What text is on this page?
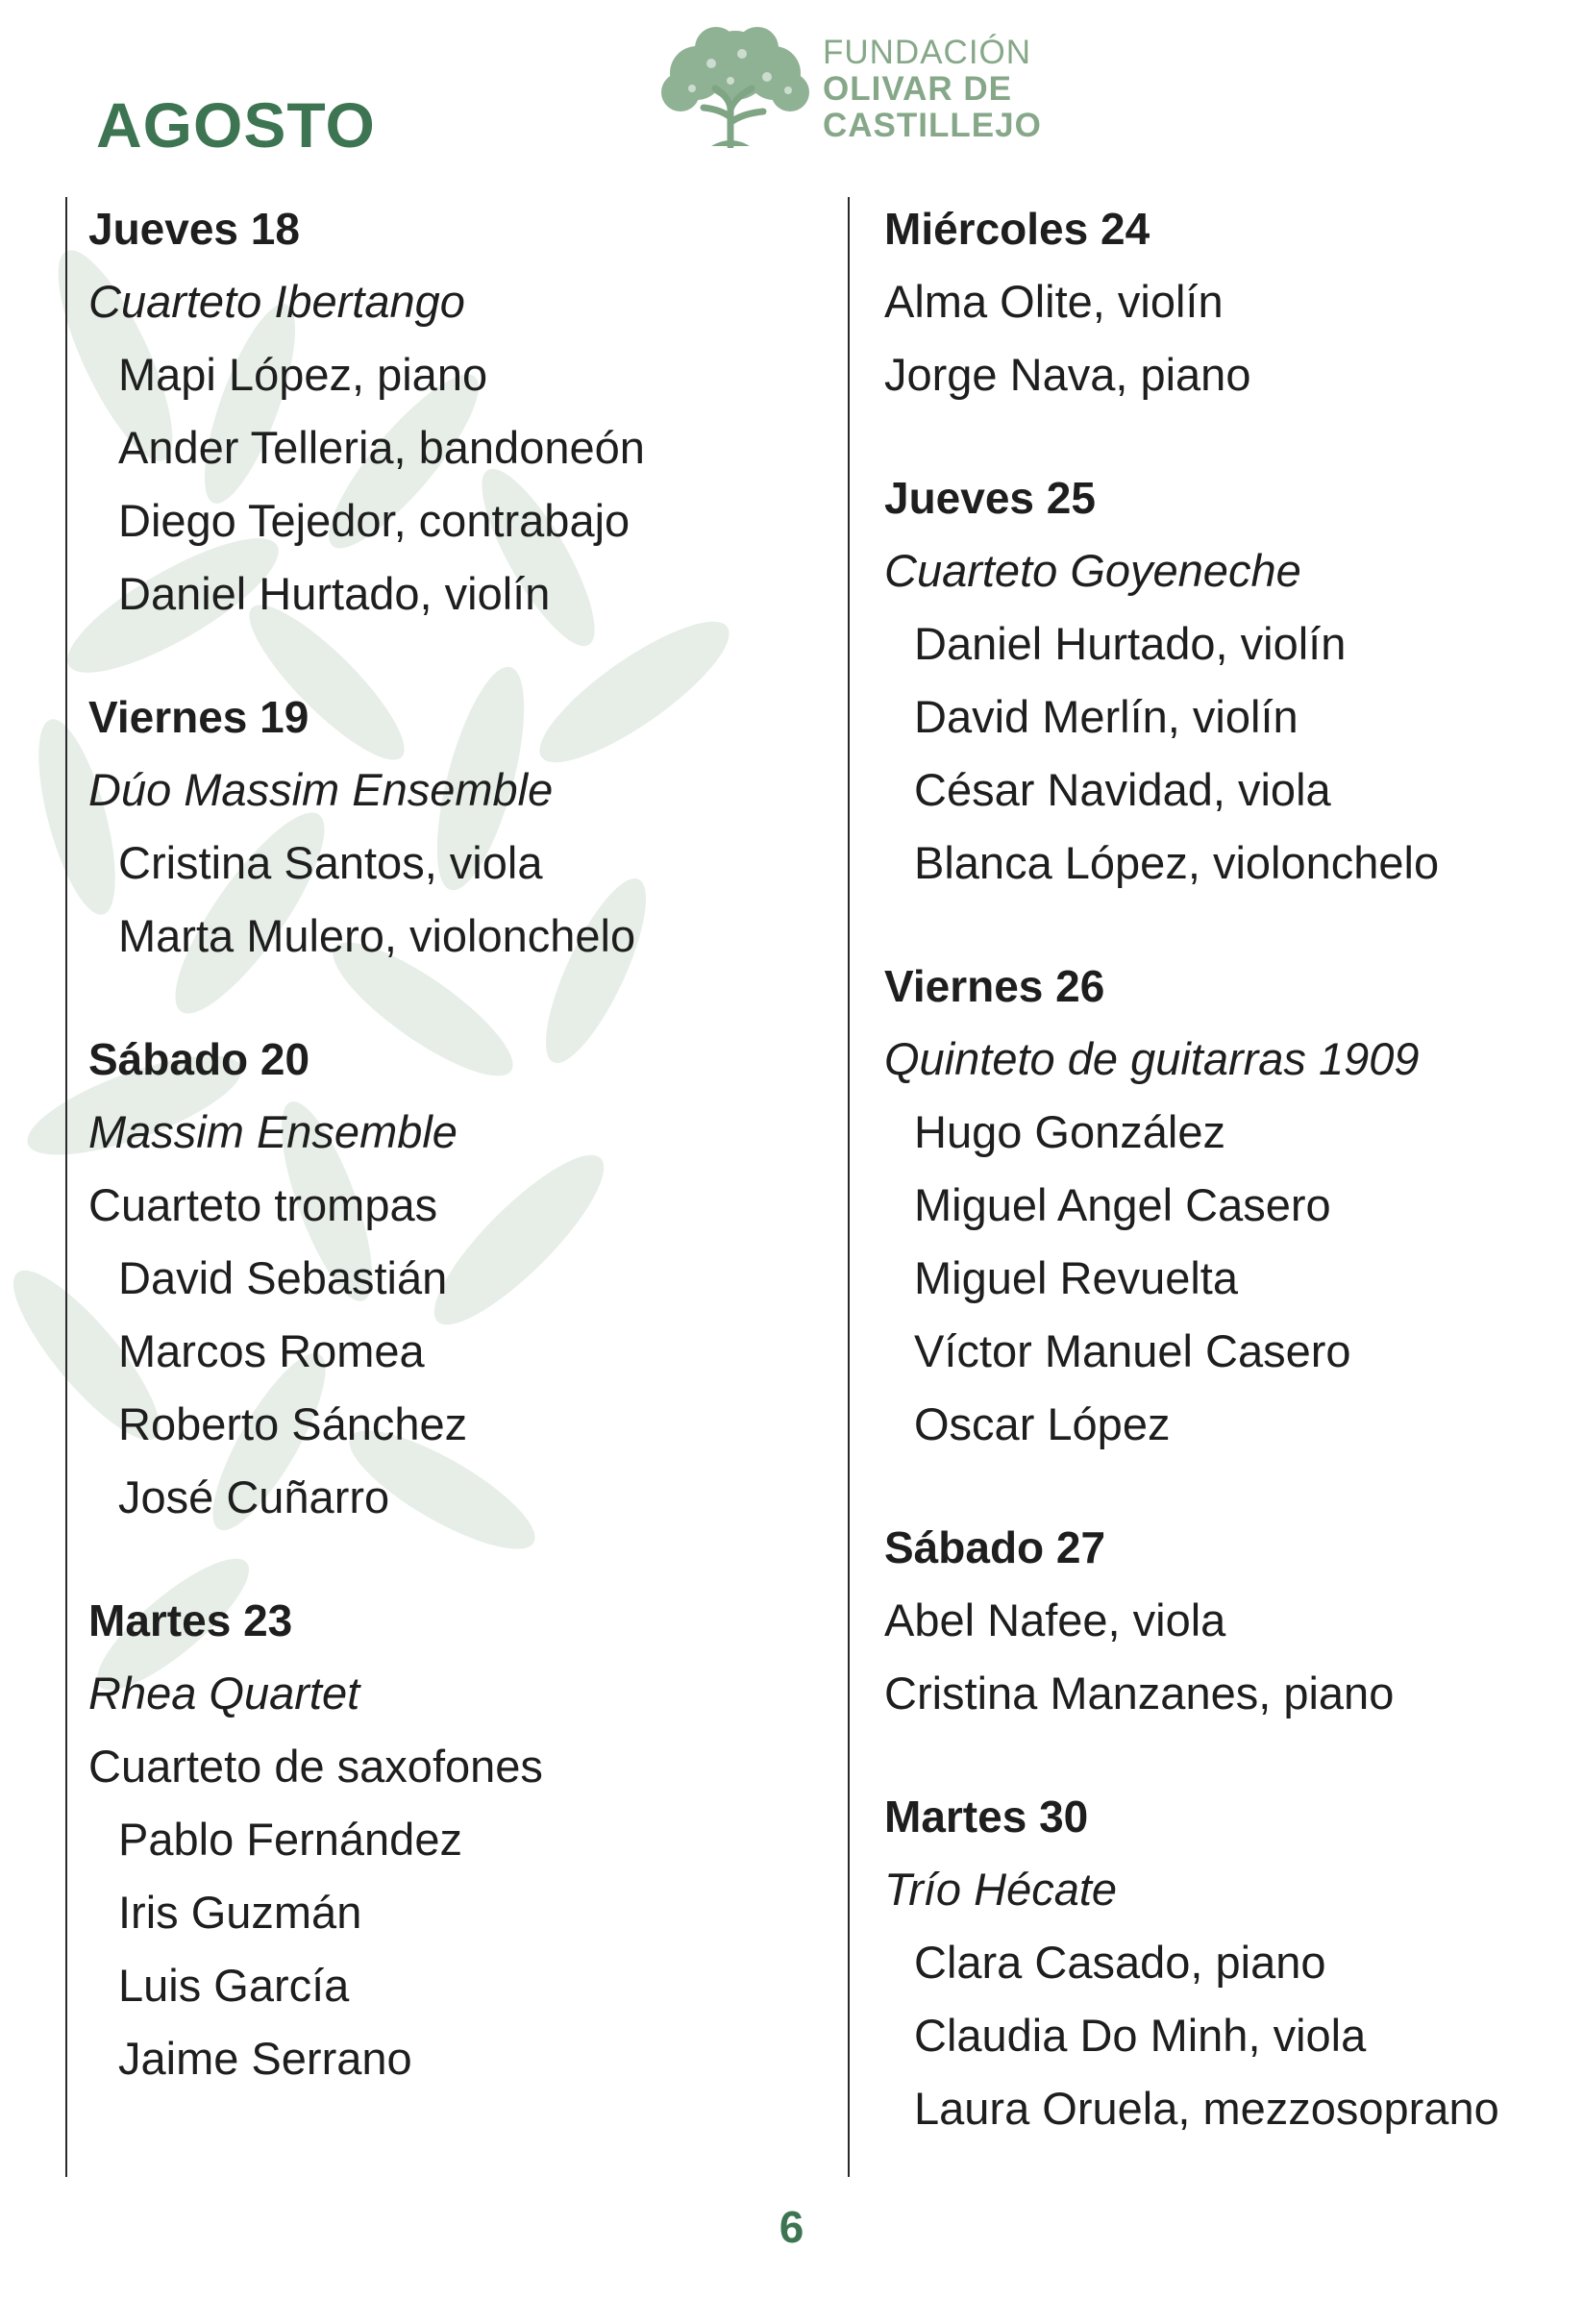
AGOSTO
FUNDACIÓN
OLIVAR DE
CASTILLEJO
Jueves 18
Cuarteto Ibertango
Mapi López, piano
Ander Telleria, bandoneón
Diego Tejedor, contrabajo
Daniel Hurtado, violín
Viernes 19
Dúo Massim Ensemble
Cristina Santos, viola
Marta Mulero, violonchelo
Sábado 20
Massim Ensemble
Cuarteto trompas
David Sebastián
Marcos Romea
Roberto Sánchez
José Cuñarro
Martes 23
Rhea Quartet
Cuarteto de saxofones
Pablo Fernández
Iris Guzmán
Luis García
Jaime Serrano
Miércoles 24
Alma Olite, violín
Jorge Nava, piano
Jueves 25
Cuarteto Goyeneche
Daniel Hurtado, violín
David Merlín, violín
César Navidad, viola
Blanca López, violonchelo
Viernes 26
Quinteto de guitarras 1909
Hugo González
Miguel Angel Casero
Miguel Revuelta
Víctor Manuel Casero
Oscar López
Sábado 27
Abel Nafee, viola
Cristina Manzanes, piano
Martes 30
Trío Hécate
Clara Casado, piano
Claudia Do Minh, viola
Laura Oruela, mezzosoprano
6
